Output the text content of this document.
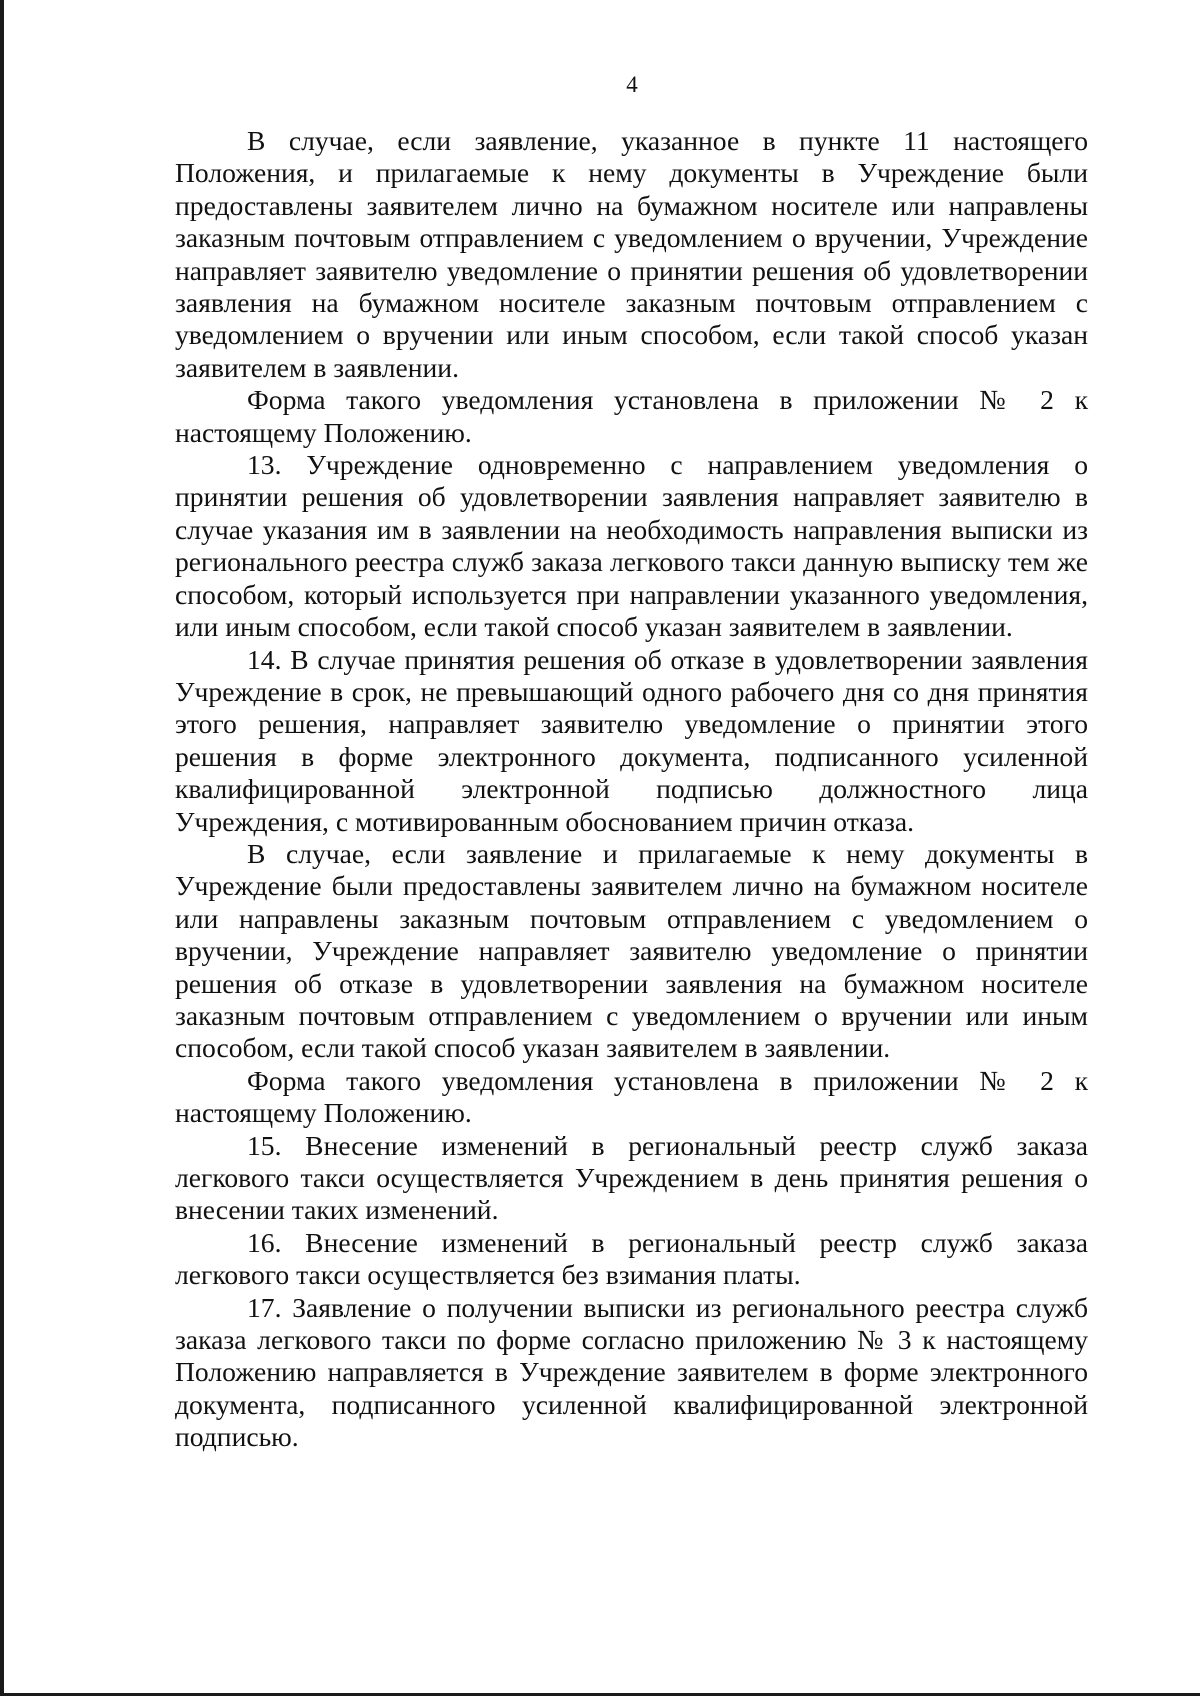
4

В случае, если заявление, указанное в пункте 11 настоящего Положения, и прилагаемые к нему документы в Учреждение были предоставлены заявителем лично на бумажном носителе или направлены заказным почтовым отправлением с уведомлением о вручении, Учреждение направляет заявителю уведомление о принятии решения об удовлетворении заявления на бумажном носителе заказным почтовым отправлением с уведомлением о вручении или иным способом, если такой способ указан заявителем в заявлении.

Форма такого уведомления установлена в приложении № 2 к настоящему Положению.

13. Учреждение одновременно с направлением уведомления о принятии решения об удовлетворении заявления направляет заявителю в случае указания им в заявлении на необходимость направления выписки из регионального реестра служб заказа легкового такси данную выписку тем же способом, который используется при направлении указанного уведомления, или иным способом, если такой способ указан заявителем в заявлении.

14. В случае принятия решения об отказе в удовлетворении заявления Учреждение в срок, не превышающий одного рабочего дня со дня принятия этого решения, направляет заявителю уведомление о принятии этого решения в форме электронного документа, подписанного усиленной квалифицированной электронной подписью должностного лица Учреждения, с мотивированным обоснованием причин отказа.

В случае, если заявление и прилагаемые к нему документы в Учреждение были предоставлены заявителем лично на бумажном носителе или направлены заказным почтовым отправлением с уведомлением о вручении, Учреждение направляет заявителю уведомление о принятии решения об отказе в удовлетворении заявления на бумажном носителе заказным почтовым отправлением с уведомлением о вручении или иным способом, если такой способ указан заявителем в заявлении.

Форма такого уведомления установлена в приложении № 2 к настоящему Положению.

15. Внесение изменений в региональный реестр служб заказа легкового такси осуществляется Учреждением в день принятия решения о внесении таких изменений.

16. Внесение изменений в региональный реестр служб заказа легкового такси осуществляется без взимания платы.

17. Заявление о получении выписки из регионального реестра служб заказа легкового такси по форме согласно приложению № 3 к настоящему Положению направляется в Учреждение заявителем в форме электронного документа, подписанного усиленной квалифицированной электронной подписью.
